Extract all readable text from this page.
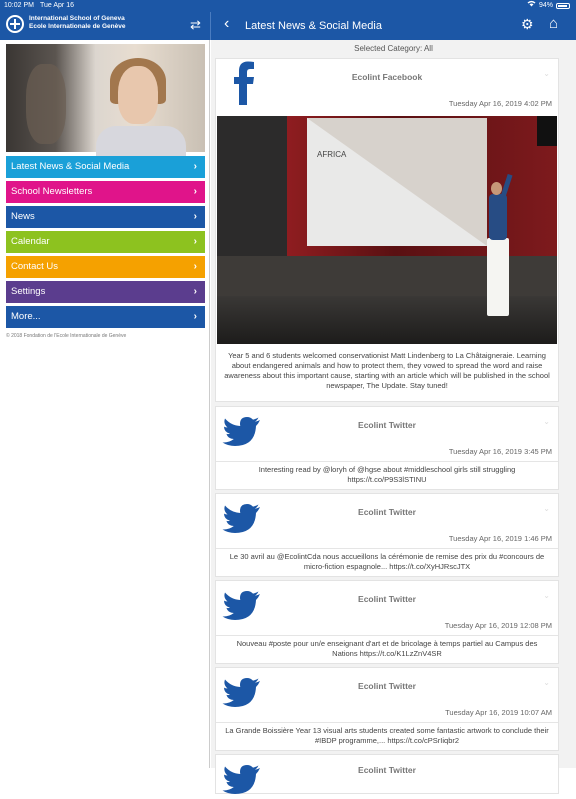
10:02 PM Tue Apr 16	94%
International School of Geneva
Ecole Internationale de Genève	⇄ ‹ Latest News & Social Media	⚙ ⌂
Latest News & Social Media	›
School Newsletters	›
News	›
Calendar	›
Contact Us	›
Settings	›
More...	›
© 2018 Fondation de l'Ecole Internationale de Genève
Selected Category: All
Ecolint Facebook	⌄
Tuesday Apr 16, 2019 4:02 PM
AFRICA
Year 5 and 6 students welcomed conservationist Matt Lindenberg to La Châtaigneraie. Learning about endangered animals and how to protect them, they vowed to spread the word and raise awareness about this important cause, starting with an article which will be published in the school newspaper, The Update. Stay tuned!
Ecolint Twitter	⌄
Tuesday Apr 16, 2019 3:45 PM
Interesting read by @loryh of @hgse about #middleschool girls still struggling https://t.co/P9S3lSTINU
Ecolint Twitter	⌄
Tuesday Apr 16, 2019 1:46 PM
Le 30 avril au @EcolintCda nous accueillons la cérémonie de remise des prix du #concours de micro-fiction espagnole... https://t.co/XyHJRscJTX
Ecolint Twitter	⌄
Tuesday Apr 16, 2019 12:08 PM
Nouveau #poste pour un/e enseignant d'art et de bricolage à temps partiel au Campus des Nations https://t.co/K1LzZnV4SR
Ecolint Twitter	⌄
Tuesday Apr 16, 2019 10:07 AM
La Grande Boissière Year 13 visual arts students created some fantastic artwork to conclude their #IBDP programme,... https://t.co/cPSrIiqbr2
Ecolint Twitter
